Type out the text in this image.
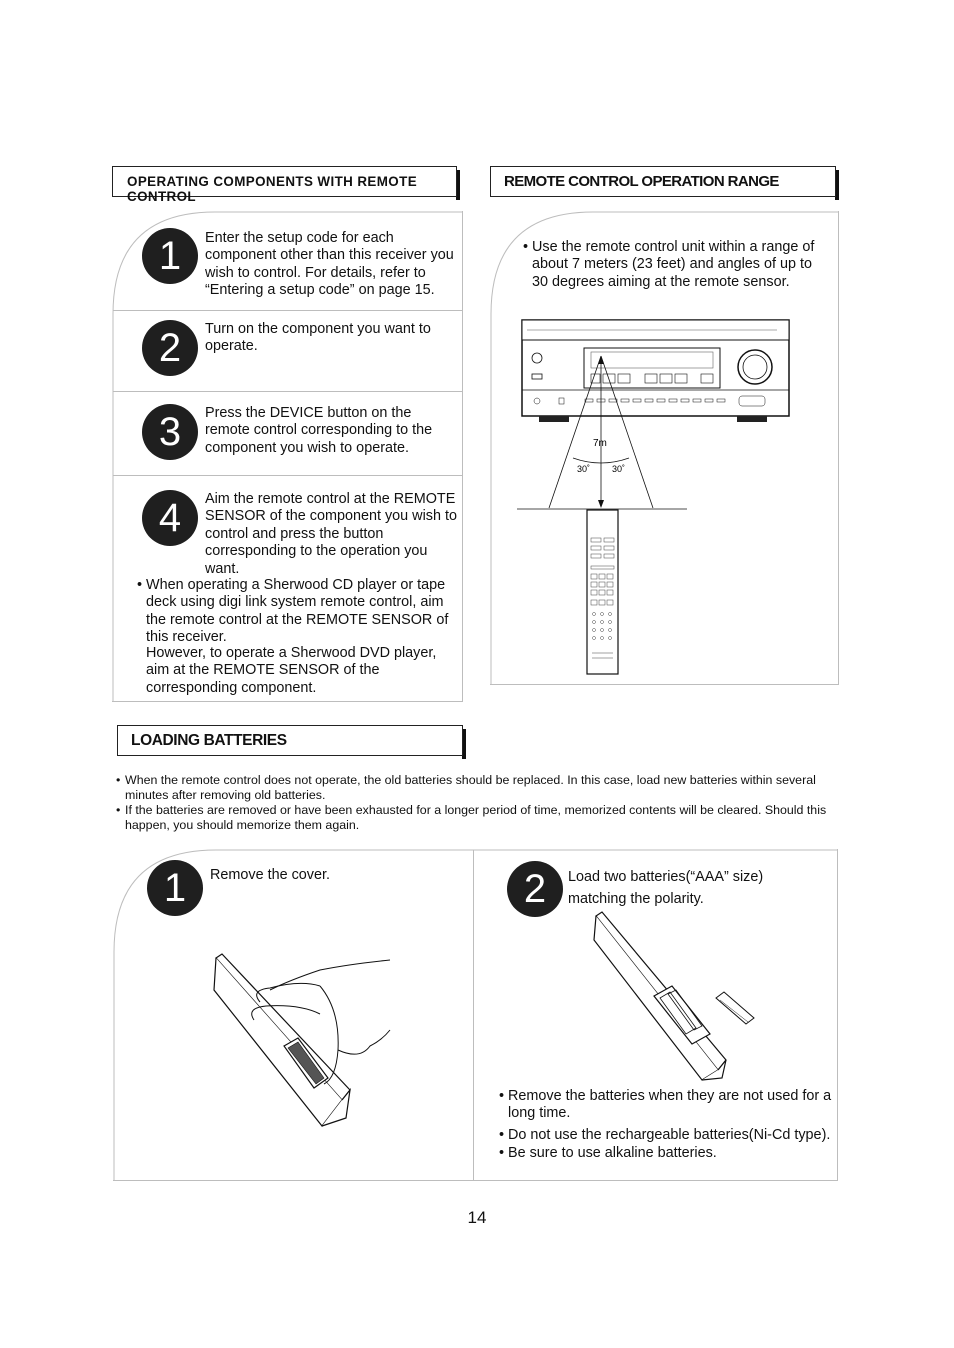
OPERATING COMPONENTS WITH REMOTE CONTROL
REMOTE CONTROL OPERATION RANGE
1	Enter the setup code for each component other than this receiver you wish to control. For details, refer to “Entering a setup code” on page 15.
2	Turn on the component you want to operate.
3	Press the DEVICE button on the remote control corresponding to the component you wish to operate.
4	Aim the remote control at the REMOTE SENSOR of the component you wish to control and press the button corresponding to the operation you want.
• When operating a Sherwood CD player or tape deck using digi link system remote control, aim the remote control at the REMOTE SENSOR of this receiver.
However, to operate a Sherwood DVD player, aim at the REMOTE SENSOR of the corresponding component.
• Use the remote control unit within a range of about 7 meters (23 feet) and angles of up to 30 degrees aiming at the remote sensor.
7m
30˚ 30˚
LOADING BATTERIES
• When the remote control does not operate, the old batteries should be replaced. In this case, load new batteries within several minutes after removing old batteries.
• If the batteries are removed or have been exhausted for a longer period of time, memorized contents will be cleared. Should this happen, you should memorize them again.
1	Remove the cover.	2	Load two batteries(“AAA” size)
matching the polarity.
• Remove the batteries when they are not used for a long time.
• Do not use the rechargeable batteries(Ni-Cd type).
• Be sure to use alkaline batteries.
14
